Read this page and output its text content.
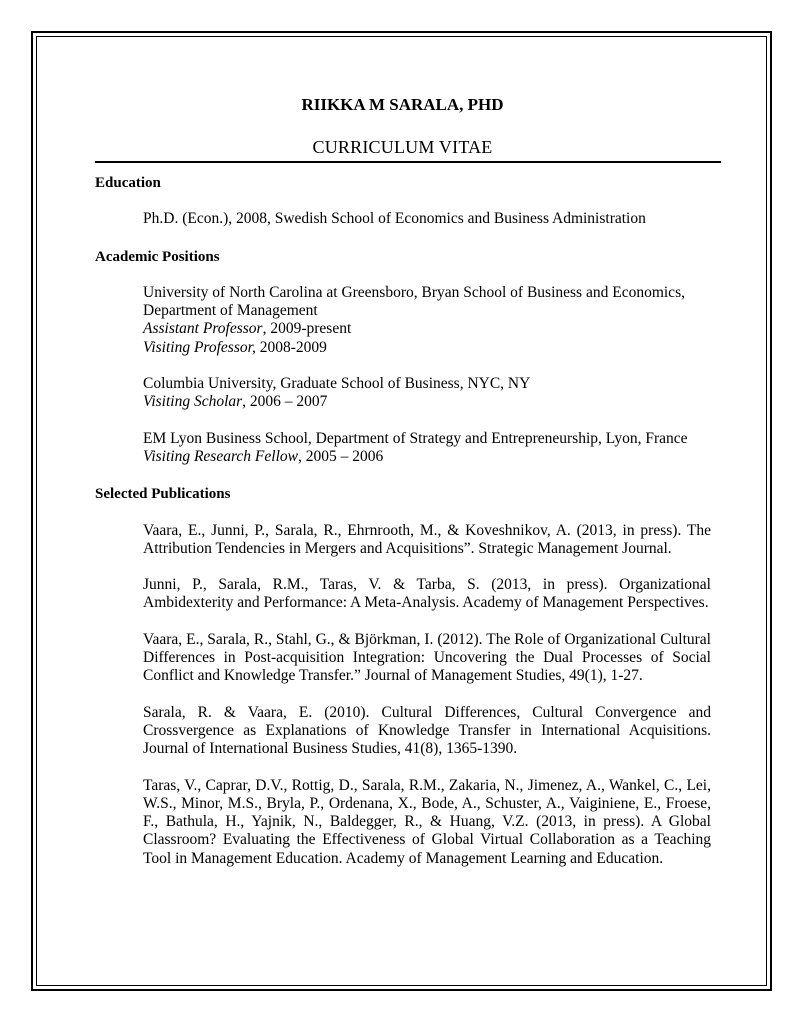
RIIKKA M SARALA, PHD
CURRICULUM VITAE

Education

Ph.D. (Econ.), 2008, Swedish School of Economics and Business Administration

Academic Positions

University of North Carolina at Greensboro, Bryan School of Business and Economics,

Department of Management

Assistant Professor, 2009-present

Visiting Professor, 2008-2009

Columbia University, Graduate School of Business, NYC, NY

Visiting Scholar, 2006 – 2007

EM Lyon Business School, Department of Strategy and Entrepreneurship, Lyon, France

Visiting Research Fellow, 2005 – 2006

Selected Publications

Vaara, E., Junni, P., Sarala, R., Ehrnrooth, M., & Koveshnikov, A. (2013, in press). The Attribution Tendencies in Mergers and Acquisitions”. Strategic Management Journal.

Junni, P., Sarala, R.M., Taras, V. & Tarba, S. (2013, in press). Organizational Ambidexterity and Performance: A Meta-Analysis. Academy of Management Perspectives.

Vaara, E., Sarala, R., Stahl, G., & Björkman, I. (2012). The Role of Organizational Cultural Differences in Post-acquisition Integration: Uncovering the Dual Processes of Social Conflict and Knowledge Transfer.” Journal of Management Studies, 49(1), 1-27.

Sarala, R. & Vaara, E. (2010). Cultural Differences, Cultural Convergence and Crossvergence as Explanations of Knowledge Transfer in International Acquisitions. Journal of International Business Studies, 41(8), 1365-1390.

Taras, V., Caprar, D.V., Rottig, D., Sarala, R.M., Zakaria, N., Jimenez, A., Wankel, C., Lei, W.S., Minor, M.S., Bryla, P., Ordenana, X., Bode, A., Schuster, A., Vaiginiene, E., Froese, F., Bathula, H., Yajnik, N., Baldegger, R., & Huang, V.Z. (2013, in press). A Global Classroom? Evaluating the Effectiveness of Global Virtual Collaboration as a Teaching Tool in Management Education. Academy of Management Learning and Education.
